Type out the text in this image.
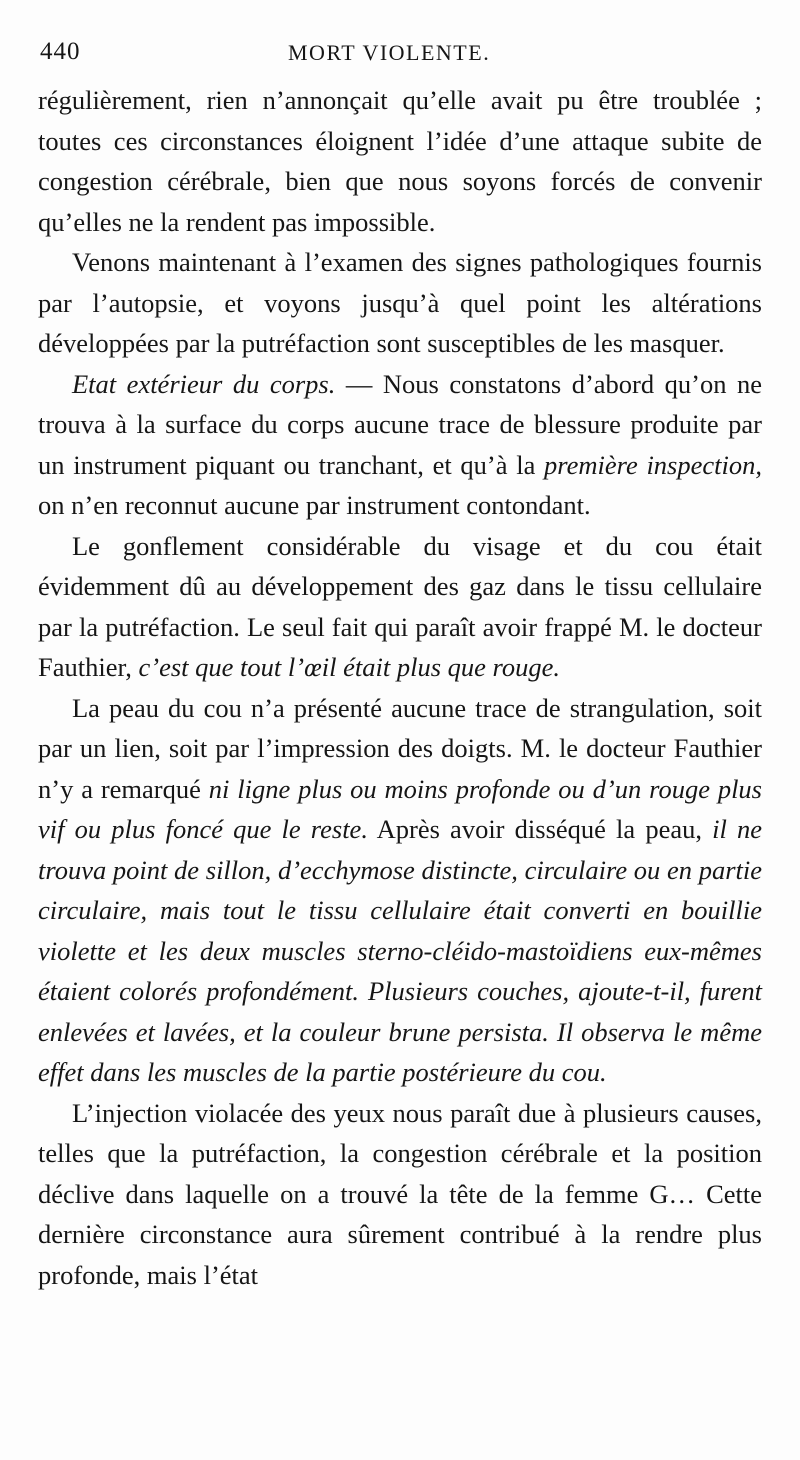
440	MORT VIOLENTE.

régulièrement, rien n’annonçait qu’elle avait pu être troublée ; toutes ces circonstances éloignent l’idée d’une attaque subite de congestion cérébrale, bien que nous soyons forcés de convenir qu’elles ne la rendent pas impossible.

Venons maintenant à l’examen des signes pathologiques fournis par l’autopsie, et voyons jusqu’à quel point les altérations développées par la putréfaction sont susceptibles de les masquer.

Etat extérieur du corps. — Nous constatons d’abord qu’on ne trouva à la surface du corps aucune trace de blessure produite par un instrument piquant ou tranchant, et qu’à la première inspection, on n’en reconnut aucune par instrument contondant.

Le gonflement considérable du visage et du cou était évidemment dû au développement des gaz dans le tissu cellulaire par la putréfaction. Le seul fait qui paraît avoir frappé M. le docteur Fauthier, c’est que tout l’œil était plus que rouge.

La peau du cou n’a présenté aucune trace de strangulation, soit par un lien, soit par l’impression des doigts. M. le docteur Fauthier n’y a remarqué ni ligne plus ou moins profonde ou d’un rouge plus vif ou plus foncé que le reste. Après avoir disséqué la peau, il ne trouva point de sillon, d’ecchymose distincte, circulaire ou en partie circulaire, mais tout le tissu cellulaire était converti en bouillie violette et les deux muscles sterno-cléido-mastoïdiens eux-mêmes étaient colorés profondément. Plusieurs couches, ajoute-t-il, furent enlevées et lavées, et la couleur brune persista. Il observa le même effet dans les muscles de la partie postérieure du cou.

L’injection violacée des yeux nous paraît due à plusieurs causes, telles que la putréfaction, la congestion cérébrale et la position déclive dans laquelle on a trouvé la tête de la femme G… Cette dernière circonstance aura sûrement contribué à la rendre plus profonde, mais l’état
